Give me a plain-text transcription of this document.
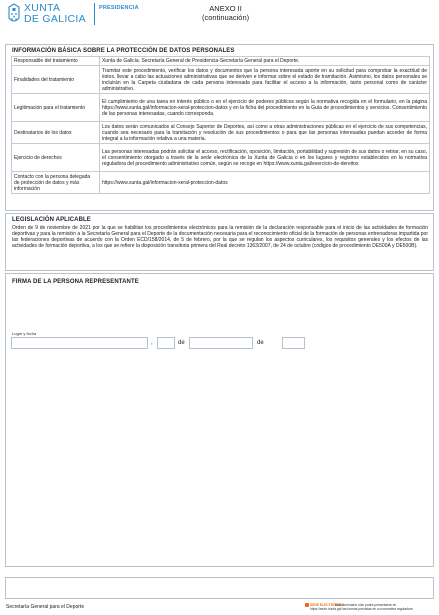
XUNTA
DE GALICIA
PRESIDENCIA	ANEXO II
(continuación)
INFORMACIÓN BÁSICA SOBRE LA PROTECCIÓN DE DATOS PERSONALES
Responsable del tratamiento	Xunta de Galicia. Secretaría General de Presidencia-Secretaría General para el Deporte.
Finalidades del tratamiento	Tramitar este procedimiento, verificar los datos y documentos que la persona interesada aporte en su solicitud para comprobar la exactitud de éstos, llevar a cabo las actuaciones administrativas que se deriven e informar sobre el estado de tramitación. Asimismo, los datos personales se incluirán en la Carpeta ciudadana de cada persona interesada para facilitar el acceso a la información, tanto personal como de carácter administrativo.
Legitimación para el tratamiento	El cumplimiento de una tarea en interés público o en el ejercicio de poderes públicos según la normativa recogida en el formulario, en la página https://www.xunta.gal/informacion-xeral-proteccion-datos y en la ficha del procedimiento en la Guía de procedimientos y servicios. Consentimiento de las personas interesadas, cuando corresponda.
Destinatarios de los datos	Los datos serán comunicados al Consejo Superior de Deportes, así como a otras administraciones públicas en el ejercicio de sus competencias, cuando sea necesario para la tramitación y resolución de sus procedimientos o para que las personas interesadas puedan acceder de forma integral a la información relativa a una materia.
Ejercicio de derechos	Las personas interesadas podrán solicitar el acceso, rectificación, oposición, limitación, portabilidad y supresión de sus datos o retirar, en su caso, el consentimiento otorgado a través de la sede electrónica de la Xunta de Galicia o en los lugares y registros establecidos en la normativa reguladora del procedimiento administrativo común, según se recoge en https://www.xunta.gal/exercicio-de-dereitos
Contacto con la persona delegada de protección de datos y más información	https://www.xunta.gal/informacion-xeral-proteccion-datos
LEGISLACIÓN APLICABLE
Orden de 9 de noviembre de 2021 por la que se habilitan los procedimientos electrónicos para la remisión de la declaración responsable para el inicio de las actividades de formación deportivas y para la remisión a la Secretaría General para el Deporte de la documentación necesaria para el reconocimiento oficial de la formación de personas entrenadoras impartida por las federaciones deportivas de acuerdo con la Orden ECD/158/2014, de 5 de febrero, por la que se regulan los aspectos curriculares, los requisitos generales y los efectos de las actividades de formación deportiva, a los que se refiere la disposición transitoria primera del Real decreto 1363/2007, de 24 de octubre (códigos de procedimiento DE500A y DE500B).
FIRMA DE LA PERSONA REPRESENTANTE
Lugar y fecha
,	de	de
Secretaría General para el Deporte	SEDE ELECTRÓNICA
Este formulario sólo podrá presentarse en
https://sede.xunta.gal las formas previstas en su normativa reguladora
